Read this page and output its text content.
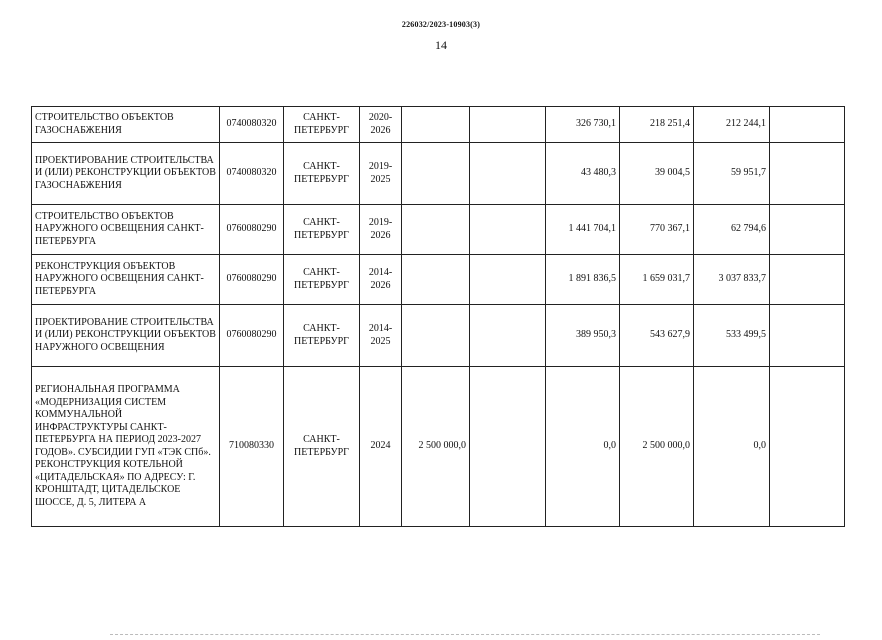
226032/2023-10903(3)
14
СТРОИТЕЛЬСТВО ОБЪЕКТОВ ГАЗОСНАБЖЕНИЯ	0740080320	САНКТ-ПЕТЕРБУРГ	2020-2026			326 730,1	218 251,4	212 244,1	
ПРОЕКТИРОВАНИЕ СТРОИТЕЛЬСТВА И (ИЛИ) РЕКОНСТРУКЦИИ ОБЪЕКТОВ ГАЗОСНАБЖЕНИЯ	0740080320	САНКТ-ПЕТЕРБУРГ	2019-2025			43 480,3	39 004,5	59 951,7	
СТРОИТЕЛЬСТВО ОБЪЕКТОВ НАРУЖНОГО ОСВЕЩЕНИЯ САНКТ-ПЕТЕРБУРГА	0760080290	САНКТ-ПЕТЕРБУРГ	2019-2026			1 441 704,1	770 367,1	62 794,6	
РЕКОНСТРУКЦИЯ ОБЪЕКТОВ НАРУЖНОГО ОСВЕЩЕНИЯ САНКТ-ПЕТЕРБУРГА	0760080290	САНКТ-ПЕТЕРБУРГ	2014-2026			1 891 836,5	1 659 031,7	3 037 833,7	
ПРОЕКТИРОВАНИЕ СТРОИТЕЛЬСТВА И (ИЛИ) РЕКОНСТРУКЦИИ ОБЪЕКТОВ НАРУЖНОГО ОСВЕЩЕНИЯ	0760080290	САНКТ-ПЕТЕРБУРГ	2014-2025			389 950,3	543 627,9	533 499,5	
РЕГИОНАЛЬНАЯ ПРОГРАММА «МОДЕРНИЗАЦИЯ СИСТЕМ КОММУНАЛЬНОЙ ИНФРАСТРУКТУРЫ САНКТ-ПЕТЕРБУРГА НА ПЕРИОД 2023-2027 ГОДОВ». СУБСИДИИ ГУП «ТЭК СПб». РЕКОНСТРУКЦИЯ КОТЕЛЬНОЙ «ЦИТАДЕЛЬСКАЯ» ПО АДРЕСУ: Г. КРОНШТАДТ, ЦИТАДЕЛЬСКОЕ ШОССЕ, Д. 5, ЛИТЕРА А	710080330	САНКТ-ПЕТЕРБУРГ	2024	2 500 000,0		0,0	2 500 000,0	0,0	
